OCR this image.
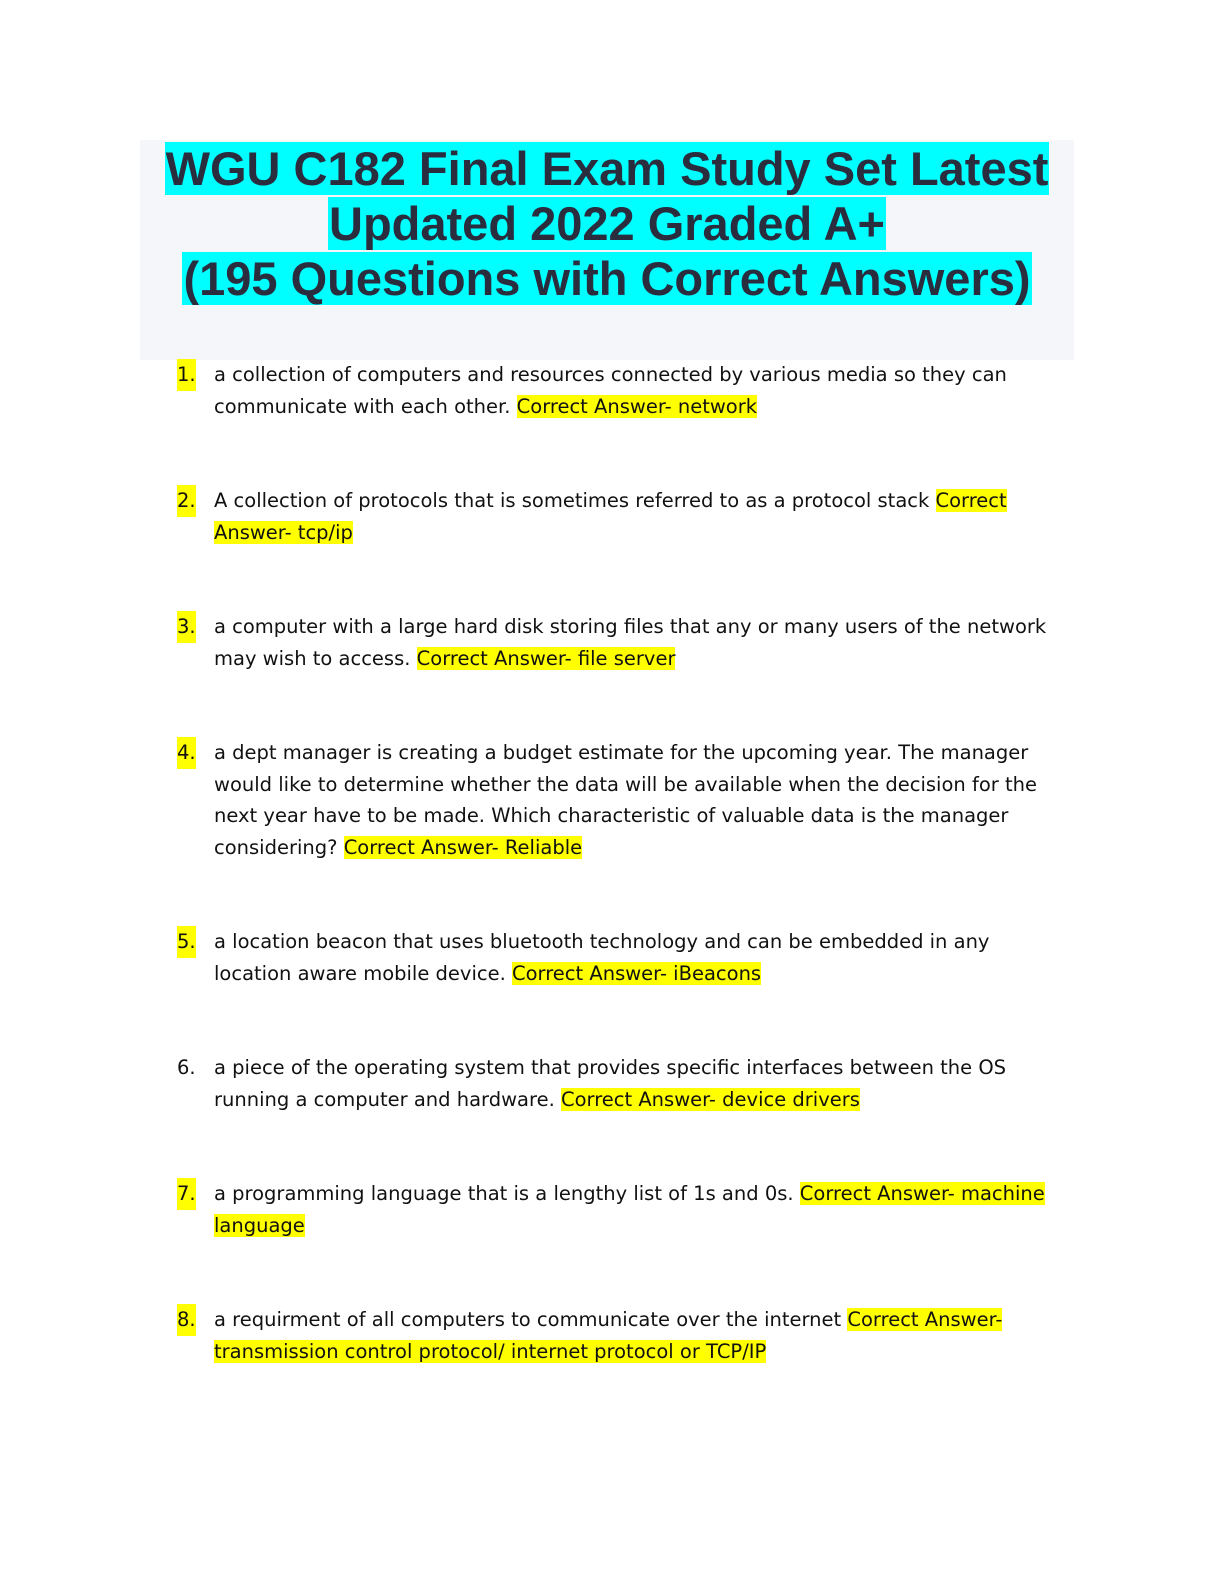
WGU C182 Final Exam Study Set Latest
Updated 2022 Graded A+
(195 Questions with Correct Answers)
1. a collection of computers and resources connected by various media so they can communicate with each other. Correct Answer- network
2. A collection of protocols that is sometimes referred to as a protocol stack Correct Answer- tcp/ip
3. a computer with a large hard disk storing files that any or many users of the network may wish to access. Correct Answer- file server
4. a dept manager is creating a budget estimate for the upcoming year. The manager would like to determine whether the data will be available when the decision for the next year have to be made. Which characteristic of valuable data is the manager considering? Correct Answer- Reliable
5. a location beacon that uses bluetooth technology and can be embedded in any location aware mobile device. Correct Answer- iBeacons
6. a piece of the operating system that provides specific interfaces between the OS running a computer and hardware. Correct Answer- device drivers
7. a programming language that is a lengthy list of 1s and 0s. Correct Answer- machine language
8. a requirment of all computers to communicate over the internet Correct Answer- transmission control protocol/ internet protocol or TCP/IP
